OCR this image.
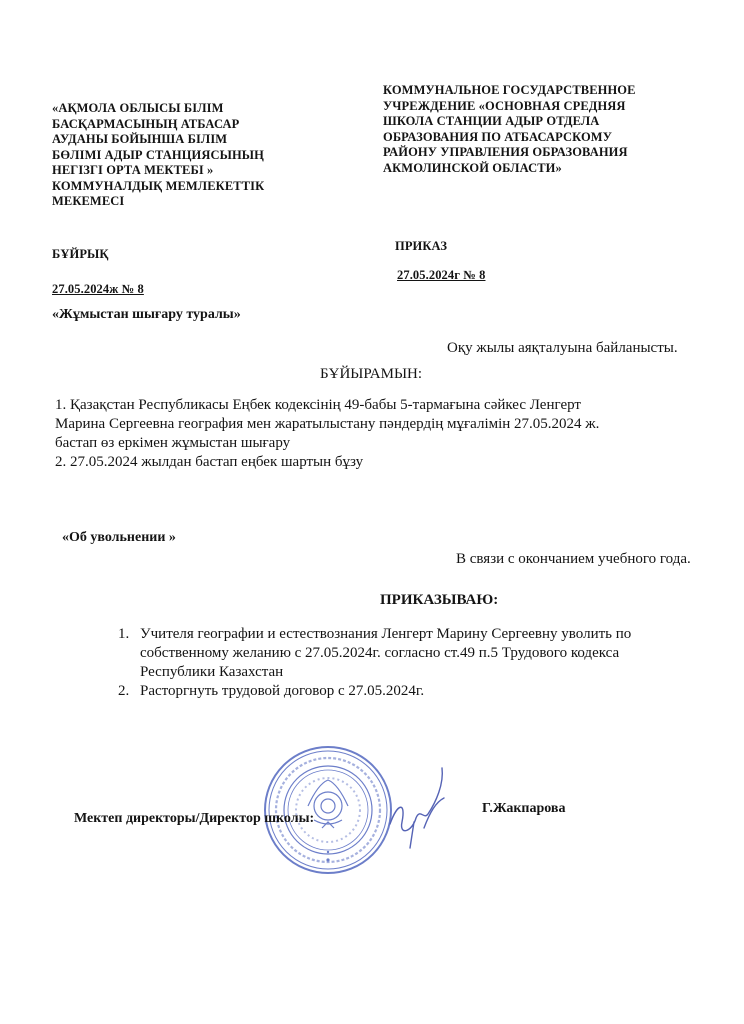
«АҚМОЛА ОБЛЫСЫ БІЛІМ
БАСҚАРМАСЫНЫҢ АТБАСАР
АУДАНЫ БОЙЫНША БІЛІМ
БӨЛІМІ АДЫР СТАНЦИЯСЫНЫҢ
НЕГІЗГІ ОРТА МЕКТЕБІ »
КОММУНАЛДЫҚ МЕМЛЕКЕТТІК
МЕКЕМЕСІ
КОММУНАЛЬНОЕ ГОСУДАРСТВЕННОЕ
УЧРЕЖДЕНИЕ «ОСНОВНАЯ СРЕДНЯЯ
ШКОЛА СТАНЦИИ АДЫР ОТДЕЛА
ОБРАЗОВАНИЯ ПО АТБАСАРСКОМУ
РАЙОНУ УПРАВЛЕНИЯ ОБРАЗОВАНИЯ
АКМОЛИНСКОЙ ОБЛАСТИ»
БҰЙРЫҚ
27.05.2024ж № 8
ПРИКАЗ
27.05.2024г № 8
«Жұмыстан шығару туралы»
Оқу жылы аяқталуына байланысты.
БҰЙЫРАМЫН:
1. Қазақстан Республикасы Еңбек кодексінің 49-бабы 5-тармағына сәйкес Ленгерт
Марина Сергеевна география мен жаратылыстану пәндердің мұғалімін 27.05.2024 ж.
бастап өз еркімен жұмыстан шығару
2. 27.05.2024 жылдан бастап еңбек шартын бұзу
«Об увольнении »
В связи с окончанием учебного года.
ПРИКАЗЫВАЮ:
1. Учителя географии и естествознания Ленгерт Марину Сергеевну уволить по
собственному желанию с 27.05.2024г. согласно ст.49 п.5 Трудового кодекса
Республики Казахстан
2. Расторгнуть трудовой договор с 27.05.2024г.
Мектеп директоры/Директор школы:
Г.Жакпарова
